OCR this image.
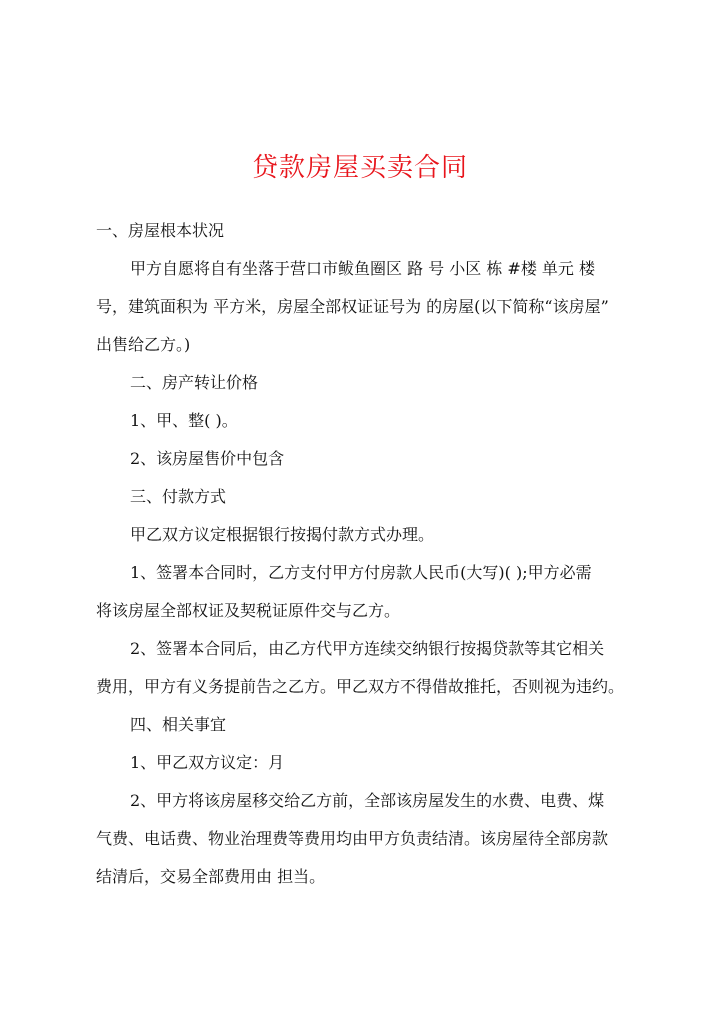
贷款房屋买卖合同
一、房屋根本状况
甲方自愿将自有坐落于营口市鲅鱼圈区 路 号 小区 栋 #楼 单元 楼
号，建筑面积为 平方米，房屋全部权证证号为 的房屋(以下简称“该房屋”
出售给乙方。)
二、房产转让价格
1、甲、整( )。
2、该房屋售价中包含
三、付款方式
甲乙双方议定根据银行按揭付款方式办理。
1、签署本合同时，乙方支付甲方付房款人民币(大写)( );甲方必需
将该房屋全部权证及契税证原件交与乙方。
2、签署本合同后，由乙方代甲方连续交纳银行按揭贷款等其它相关
费用，甲方有义务提前告之乙方。甲乙双方不得借故推托，否则视为违约。
四、相关事宜
1、甲乙双方议定：月
2、甲方将该房屋移交给乙方前，全部该房屋发生的水费、电费、煤
气费、电话费、物业治理费等费用均由甲方负责结清。该房屋待全部房款
结清后，交易全部费用由 担当。
